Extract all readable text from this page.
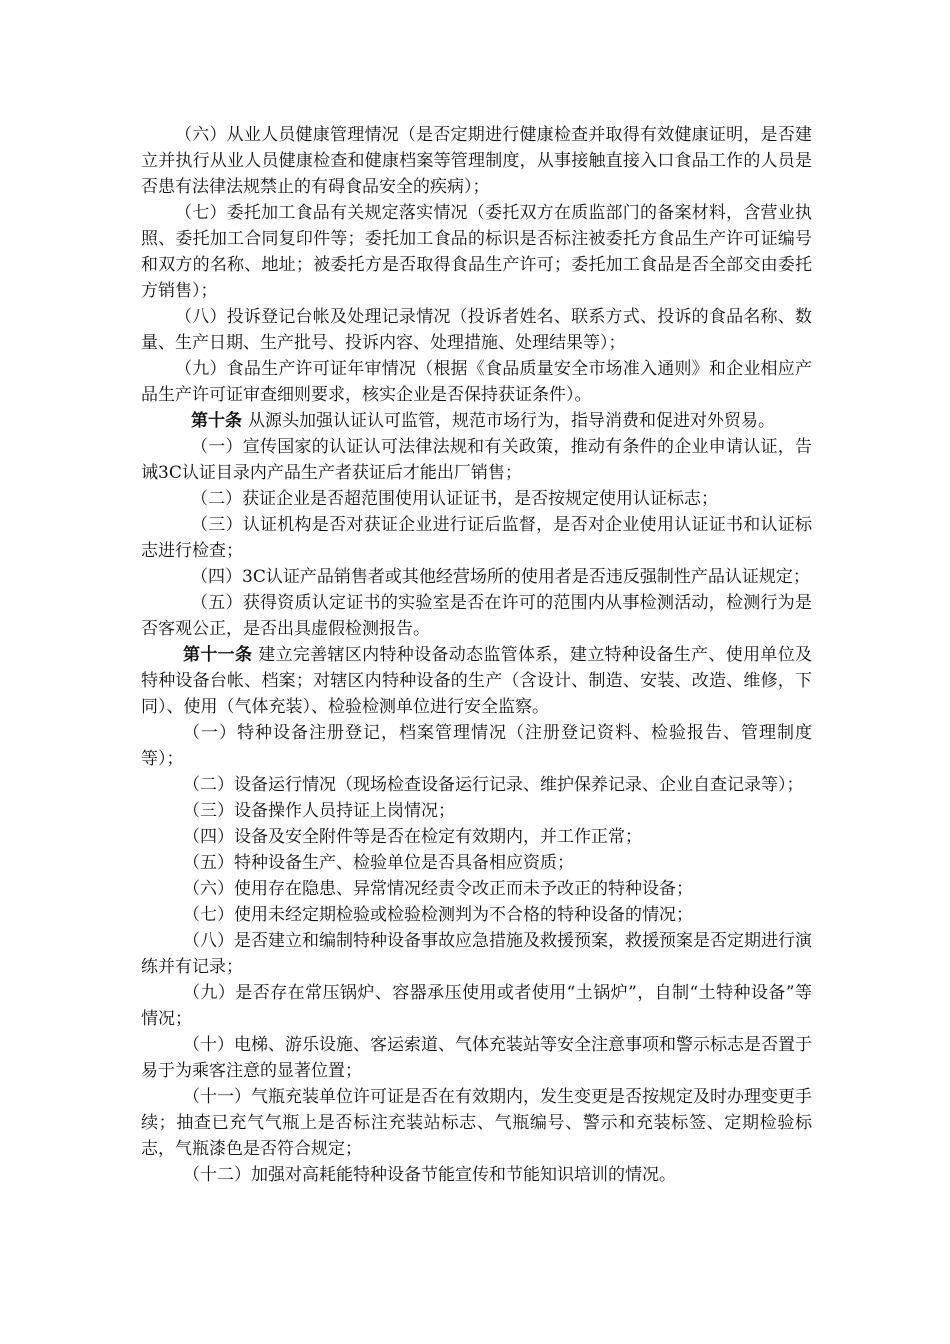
（六）从业人员健康管理情况（是否定期进行健康检查并取得有效健康证明，是否建立并执行从业人员健康检查和健康档案等管理制度，从事接触直接入口食品工作的人员是否患有法律法规禁止的有碍食品安全的疾病）；

（七）委托加工食品有关规定落实情况（委托双方在质监部门的备案材料，含营业执照、委托加工合同复印件等；委托加工食品的标识是否标注被委托方食品生产许可证编号和双方的名称、地址；被委托方是否取得食品生产许可；委托加工食品是否全部交由委托方销售）；

（八）投诉登记台帐及处理记录情况（投诉者姓名、联系方式、投诉的食品名称、数量、生产日期、生产批号、投诉内容、处理措施、处理结果等）；

（九）食品生产许可证年审情况（根据《食品质量安全市场准入通则》和企业相应产品生产许可证审查细则要求，核实企业是否保持获证条件）。

第十条 从源头加强认证认可监管，规范市场行为，指导消费和促进对外贸易。

（一）宣传国家的认证认可法律法规和有关政策，推动有条件的企业申请认证，告诫3C认证目录内产品生产者获证后才能出厂销售；

（二）获证企业是否超范围使用认证证书，是否按规定使用认证标志；

（三）认证机构是否对获证企业进行证后监督，是否对企业使用认证证书和认证标志进行检查；

（四）3C认证产品销售者或其他经营场所的使用者是否违反强制性产品认证规定；

（五）获得资质认定证书的实验室是否在许可的范围内从事检测活动，检测行为是否客观公正，是否出具虚假检测报告。

第十一条 建立完善辖区内特种设备动态监管体系，建立特种设备生产、使用单位及特种设备台帐、档案；对辖区内特种设备的生产（含设计、制造、安装、改造、维修，下同）、使用（气体充装）、检验检测单位进行安全监察。

（一）特种设备注册登记，档案管理情况（注册登记资料、检验报告、管理制度等）；

（二）设备运行情况（现场检查设备运行记录、维护保养记录、企业自查记录等）；

（三）设备操作人员持证上岗情况；

（四）设备及安全附件等是否在检定有效期内，并工作正常；

（五）特种设备生产、检验单位是否具备相应资质；

（六）使用存在隐患、异常情况经责令改正而未予改正的特种设备；

（七）使用未经定期检验或检验检测判为不合格的特种设备的情况；

（八）是否建立和编制特种设备事故应急措施及救援预案，救援预案是否定期进行演练并有记录；

（九）是否存在常压锅炉、容器承压使用或者使用“土锅炉”，自制“土特种设备”等情况；

（十）电梯、游乐设施、客运索道、气体充装站等安全注意事项和警示标志是否置于易于为乘客注意的显著位置；

（十一）气瓶充装单位许可证是否在有效期内，发生变更是否按规定及时办理变更手续；抽查已充气气瓶上是否标注充装站标志、气瓶编号、警示和充装标签、定期检验标志，气瓶漆色是否符合规定；

（十二）加强对高耗能特种设备节能宣传和节能知识培训的情况。
